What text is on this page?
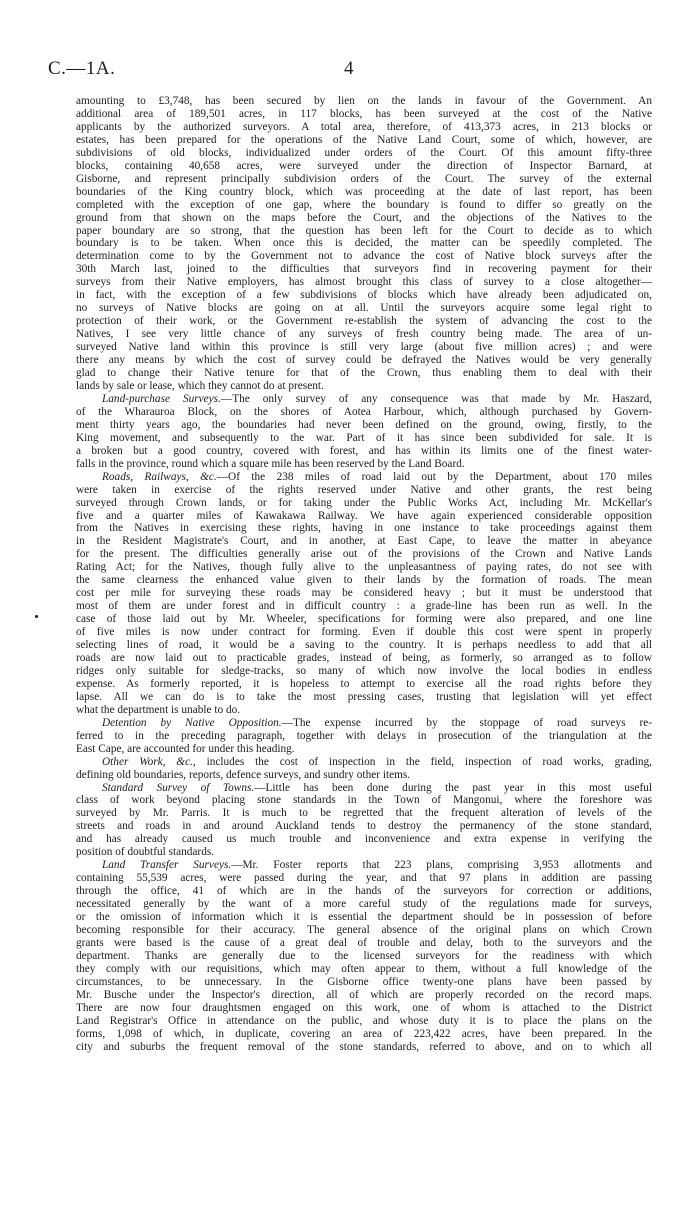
C.—1A.	4
amounting to £3,748, has been secured by lien on the lands in favour of the Government. An
additional area of 189,501 acres, in 117 blocks, has been surveyed at the cost of the Native
applicants by the authorized surveyors. A total area, therefore, of 413,373 acres, in 213 blocks or
estates, has been prepared for the operations of the Native Land Court, some of which, however, are
subdivisions of old blocks, individualized under orders of the Court. Of this amount fifty-three
blocks, containing 40,658 acres, were surveyed under the direction of Inspector Barnard, at
Gisborne, and represent principally subdivision orders of the Court. The survey of the external
boundaries of the King country block, which was proceeding at the date of last report, has been
completed with the exception of one gap, where the boundary is found to differ so greatly on the
ground from that shown on the maps before the Court, and the objections of the Natives to the
paper boundary are so strong, that the question has been left for the Court to decide as to which
boundary is to be taken. When once this is decided, the matter can be speedily completed. The
determination come to by the Government not to advance the cost of Native block surveys after the
30th March last, joined to the difficulties that surveyors find in recovering payment for their
surveys from their Native employers, has almost brought this class of survey to a close altogether—
in fact, with the exception of a few subdivisions of blocks which have already been adjudicated on,
no surveys of Native blocks are going on at all. Until the surveyors acquire some legal right to
protection of their work, or the Government re-establish the system of advancing the cost to the
Natives, I see very little chance of any surveys of fresh country being made. The area of un-
surveyed Native land within this province is still very large (about five million acres) ; and were
there any means by which the cost of survey could be defrayed the Natives would be very generally
glad to change their Native tenure for that of the Crown, thus enabling them to deal with their
lands by sale or lease, which they cannot do at present.
Land-purchase Surveys.—The only survey of any consequence was that made by Mr. Haszard,
of the Wharauroa Block, on the shores of Aotea Harbour, which, although purchased by Govern-
ment thirty years ago, the boundaries had never been defined on the ground, owing, firstly, to the
King movement, and subsequently to the war. Part of it has since been subdivided for sale. It is
a broken but a good country, covered with forest, and has within its limits one of the finest water-
falls in the province, round which a square mile has been reserved by the Land Board.
Roads, Railways, &c.—Of the 238 miles of road laid out by the Department, about 170 miles
were taken in exercise of the rights reserved under Native and other grants, the rest being
surveyed through Crown lands, or for taking under the Public Works Act, including Mr. McKellar's
five and a quarter miles of Kawakawa Railway. We have again experienced considerable opposition
from the Natives in exercising these rights, having in one instance to take proceedings against them
in the Resident Magistrate's Court, and in another, at East Cape, to leave the matter in abeyance
for the present. The difficulties generally arise out of the provisions of the Crown and Native Lands
Rating Act; for the Natives, though fully alive to the unpleasantness of paying rates, do not see with
the same clearness the enhanced value given to their lands by the formation of roads. The mean
cost per mile for surveying these roads may be considered heavy ; but it must be understood that
most of them are under forest and in difficult country : a grade-line has been run as well. In the
case of those laid out by Mr. Wheeler, specifications for forming were also prepared, and one line
of five miles is now under contract for forming. Even if double this cost were spent in properly
selecting lines of road, it would be a saving to the country. It is perhaps needless to add that all
roads are now laid out to practicable grades, instead of being, as formerly, so arranged as to follow
ridges only suitable for sledge-tracks, so many of which now involve the local bodies in endless
expense. As formerly reported, it is hopeless to attempt to exercise all the road rights before they
lapse. All we can do is to take the most pressing cases, trusting that legislation will yet effect
what the department is unable to do.
Detention by Native Opposition.—The expense incurred by the stoppage of road surveys re-
ferred to in the preceding paragraph, together with delays in prosecution of the triangulation at the
East Cape, are accounted for under this heading.
Other Work, &c., includes the cost of inspection in the field, inspection of road works, grading,
defining old boundaries, reports, defence surveys, and sundry other items.
Standard Survey of Towns.—Little has been done during the past year in this most useful
class of work beyond placing stone standards in the Town of Mangonui, where the foreshore was
surveyed by Mr. Parris. It is much to be regretted that the frequent alteration of levels of the
streets and roads in and around Auckland tends to destroy the permanency of the stone standard,
and has already caused us much trouble and inconvenience and extra expense in verifying the
position of doubtful standards.
Land Transfer Surveys.—Mr. Foster reports that 223 plans, comprising 3,953 allotments and
containing 55,539 acres, were passed during the year, and that 97 plans in addition are passing
through the office, 41 of which are in the hands of the surveyors for correction or additions,
necessitated generally by the want of a more careful study of the regulations made for surveys,
or the omission of information which it is essential the department should be in possession of before
becoming responsible for their accuracy. The general absence of the original plans on which Crown
grants were based is the cause of a great deal of trouble and delay, both to the surveyors and the
department. Thanks are generally due to the licensed surveyors for the readiness with which
they comply with our requisitions, which may often appear to them, without a full knowledge of the
circumstances, to be unnecessary. In the Gisborne office twenty-one plans have been passed by
Mr. Busche under the Inspector's direction, all of which are properly recorded on the record maps.
There are now four draughtsmen engaged on this work, one of whom is attached to the District
Land Registrar's Office in attendance on the public, and whose duty it is to place the plans on the
forms, 1,098 of which, in duplicate, covering an area of 223,422 acres, have been prepared. In the
city and suburbs the frequent removal of the stone standards, referred to above, and on to which all
